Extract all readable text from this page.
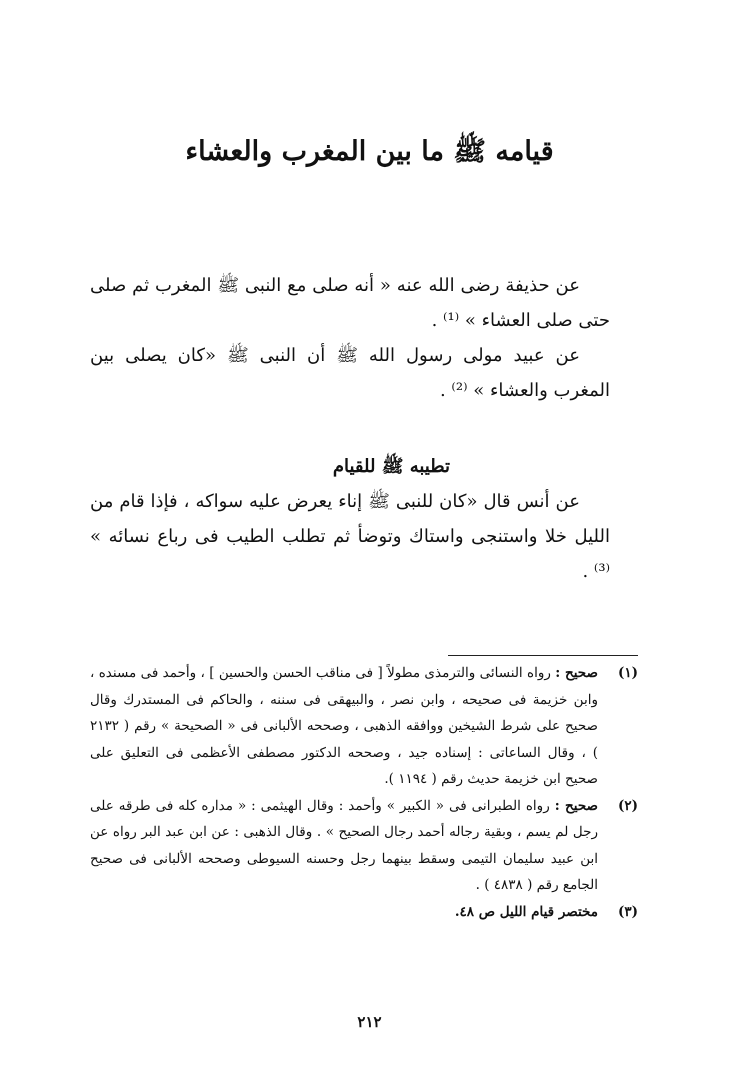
قيامه ﷺ ما بين المغرب والعشاء

عن حذيفة رضى الله عنه « أنه صلى مع النبى ﷺ المغرب ثم صلى حتى صلى العشاء » ⁽¹⁾ .

عن عبيد مولى رسول الله ﷺ أن النبى ﷺ «كان يصلى بين المغرب والعشاء » ⁽²⁾ .

تطيبه ﷺ للقيام

عن أنس قال «كان للنبى ﷺ إناء يعرض عليه سواكه ، فإذا قام من الليل خلا واستنجى واستاك وتوضأ ثم تطلب الطيب فى رباع نسائه » ⁽³⁾ .

(١)
صحيح : رواه النسائى والترمذى مطولاً [ فى مناقب الحسن والحسين ] ، وأحمد فى مسنده ، وابن خزيمة فى صحيحه ، وابن نصر ، والبيهقى فى سننه ، والحاكم فى المستدرك وقال صحيح على شرط الشيخين ووافقه الذهبى ، وصححه الألبانى فى « الصحيحة » رقم ( ٢١٣٢ ) ، وقال الساعاتى : إسناده جيد ، وصححه الدكتور مصطفى الأعظمى فى التعليق على صحيح ابن خزيمة حديث رقم ( ١١٩٤ ).

(٢)
صحيح : رواه الطبرانى فى « الكبير » وأحمد : وقال الهيثمى : « مداره كله فى طرقه على رجل لم يسم ، وبقية رجاله أحمد رجال الصحيح » . وقال الذهبى : عن ابن عبد البر رواه عن ابن عبيد سليمان التيمى وسقط بينهما رجل وحسنه السيوطى وصححه الألبانى فى صحيح الجامع رقم ( ٤٨٣٨ ) .

(٣)
مختصر قيام الليل ص ٤٨.

٢١٢
